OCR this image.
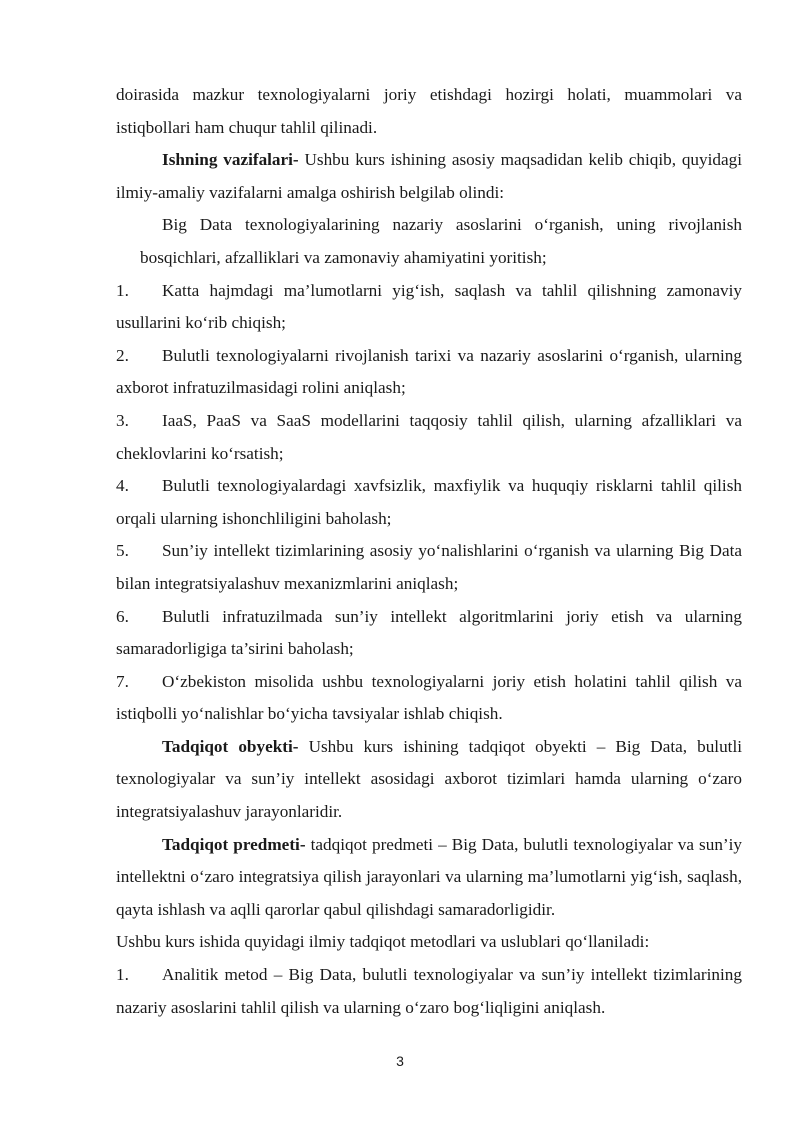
doirasida mazkur texnologiyalarni joriy etishdagi hozirgi holati, muammolari va istiqbollari ham chuqur tahlil qilinadi.

Ishning vazifalari- Ushbu kurs ishining asosiy maqsadidan kelib chiqib, quyidagi ilmiy-amaliy vazifalarni amalga oshirish belgilab olindi:

Big Data texnologiyalarining nazariy asoslarini o‘rganish, uning rivojlanish bosqichlari, afzalliklari va zamonaviy ahamiyatini yoritish;

1. Katta hajmdagi ma’lumotlarni yig‘ish, saqlash va tahlil qilishning zamonaviy usullarini ko‘rib chiqish;

2. Bulutli texnologiyalarni rivojlanish tarixi va nazariy asoslarini o‘rganish, ularning axborot infratuzilmasidagi rolini aniqlash;

3. IaaS, PaaS va SaaS modellarini taqqosiy tahlil qilish, ularning afzalliklari va cheklovlarini ko‘rsatish;

4. Bulutli texnologiyalardagi xavfsizlik, maxfiylik va huquqiy risklarni tahlil qilish orqali ularning ishonchliligini baholash;

5. Sun’iy intellekt tizimlarining asosiy yo‘nalishlarini o‘rganish va ularning Big Data bilan integratsiyalashuv mexanizmlarini aniqlash;

6. Bulutli infratuzilmada sun’iy intellekt algoritmlarini joriy etish va ularning samaradorligiga ta’sirini baholash;

7. O‘zbekiston misolida ushbu texnologiyalarni joriy etish holatini tahlil qilish va istiqbolli yo‘nalishlar bo‘yicha tavsiyalar ishlab chiqish.

Tadqiqot obyekti- Ushbu kurs ishining tadqiqot obyekti – Big Data, bulutli texnologiyalar va sun’iy intellekt asosidagi axborot tizimlari hamda ularning o‘zaro integratsiyalashuv jarayonlaridir.

Tadqiqot predmeti- tadqiqot predmeti – Big Data, bulutli texnologiyalar va sun’iy intellektni o‘zaro integratsiya qilish jarayonlari va ularning ma’lumotlarni yig‘ish, saqlash, qayta ishlash va aqlli qarorlar qabul qilishdagi samaradorligidir.

Ushbu kurs ishida quyidagi ilmiy tadqiqot metodlari va uslublari qo‘llaniladi:

1. Analitik metod – Big Data, bulutli texnologiyalar va sun’iy intellekt tizimlarining nazariy asoslarini tahlil qilish va ularning o‘zaro bog‘liqligini aniqlash.

3
